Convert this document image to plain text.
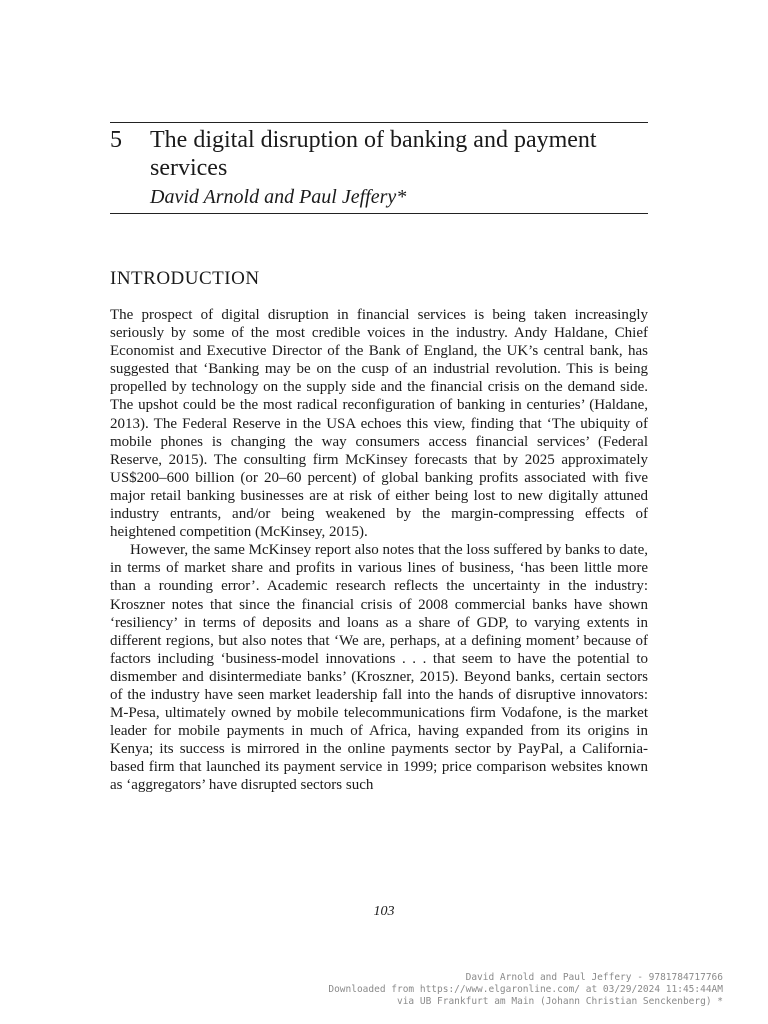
5 The digital disruption of banking and payment services
David Arnold and Paul Jeffery*
INTRODUCTION

The prospect of digital disruption in financial services is being taken increasingly seriously by some of the most credible voices in the industry. Andy Haldane, Chief Economist and Executive Director of the Bank of England, the UK’s central bank, has suggested that ‘Banking may be on the cusp of an industrial revolution. This is being propelled by technology on the supply side and the financial crisis on the demand side. The upshot could be the most radical reconfiguration of banking in centuries’ (Haldane, 2013). The Federal Reserve in the USA echoes this view, finding that ‘The ubiquity of mobile phones is changing the way consumers access financial services’ (Federal Reserve, 2015). The consulting firm McKinsey forecasts that by 2025 approximately US$200–600 billion (or 20–60 percent) of global banking profits associated with five major retail banking businesses are at risk of either being lost to new digitally attuned industry entrants, and/or being weakened by the margin-compressing effects of heightened competition (McKinsey, 2015).

However, the same McKinsey report also notes that the loss suffered by banks to date, in terms of market share and profits in various lines of business, ‘has been little more than a rounding error’. Academic research reflects the uncertainty in the industry: Kroszner notes that since the financial crisis of 2008 commercial banks have shown ‘resiliency’ in terms of deposits and loans as a share of GDP, to varying extents in different regions, but also notes that ‘We are, perhaps, at a defining moment’ because of factors including ‘business-model innovations . . . that seem to have the potential to dismember and disintermediate banks’ (Kroszner, 2015). Beyond banks, certain sectors of the industry have seen market leadership fall into the hands of disruptive innovators: M-Pesa, ultimately owned by mobile telecommunications firm Vodafone, is the market leader for mobile payments in much of Africa, having expanded from its origins in Kenya; its success is mirrored in the online payments sector by PayPal, a California-based firm that launched its payment service in 1999; price comparison websites known as ‘aggregators’ have disrupted sectors such

103
David Arnold and Paul Jeffery - 9781784717766
Downloaded from https://www.elgaronline.com/ at 03/29/2024 11:45:44AM
via UB Frankfurt am Main (Johann Christian Senckenberg) *
